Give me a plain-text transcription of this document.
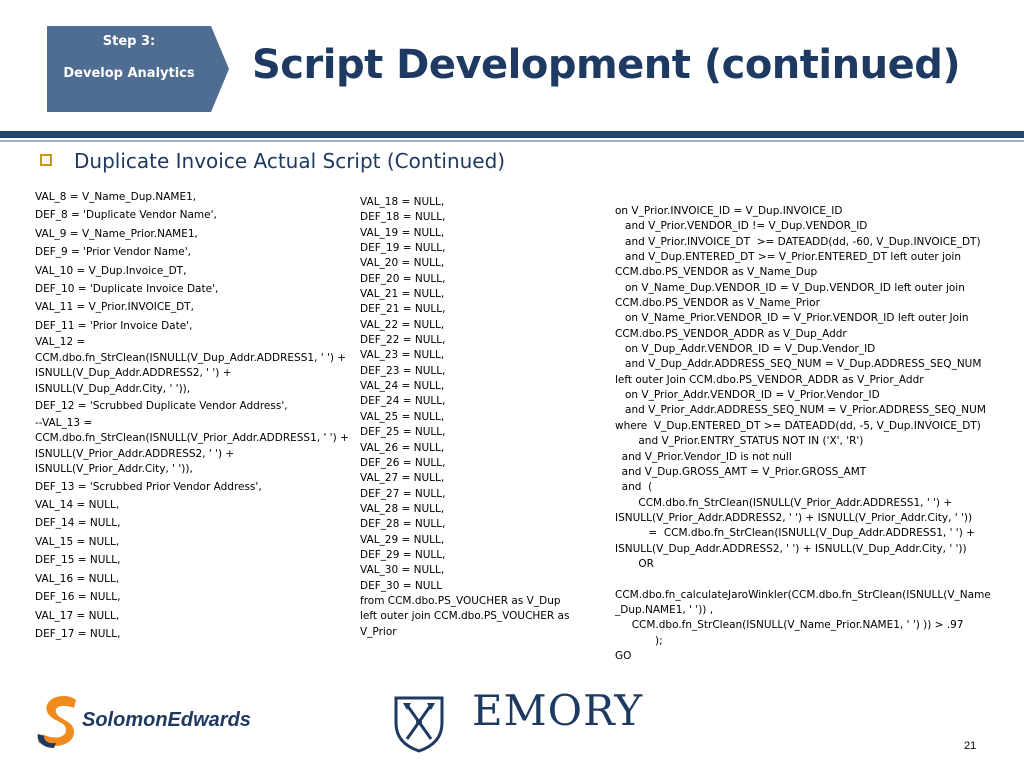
Step 3:
Develop Analytics	Script Development (continued)
Duplicate Invoice Actual Script (Continued)
VAL_8 = V_Name_Dup.NAME1,
DEF_8 = 'Duplicate Vendor Name',
VAL_9 = V_Name_Prior.NAME1,
DEF_9 = 'Prior Vendor Name',
VAL_10 = V_Dup.Invoice_DT,
DEF_10 = 'Duplicate Invoice Date',
VAL_11 = V_Prior.INVOICE_DT,
DEF_11 = 'Prior Invoice Date',
VAL_12 =
CCM.dbo.fn_StrClean(ISNULL(V_Dup_Addr.ADDRESS1, ' ') +
ISNULL(V_Dup_Addr.ADDRESS2, ' ') +
ISNULL(V_Dup_Addr.City, ' ')),
DEF_12 = 'Scrubbed Duplicate Vendor Address',
--VAL_13 =
CCM.dbo.fn_StrClean(ISNULL(V_Prior_Addr.ADDRESS1, ' ') +
ISNULL(V_Prior_Addr.ADDRESS2, ' ') +
ISNULL(V_Prior_Addr.City, ' ')),
DEF_13 = 'Scrubbed Prior Vendor Address',
VAL_14 = NULL,
DEF_14 = NULL,
VAL_15 = NULL,
DEF_15 = NULL,
VAL_16 = NULL,
DEF_16 = NULL,
VAL_17 = NULL,
DEF_17 = NULL,
VAL_18 = NULL,
DEF_18 = NULL,
VAL_19 = NULL,
DEF_19 = NULL,
VAL_20 = NULL,
DEF_20 = NULL,
VAL_21 = NULL,
DEF_21 = NULL,
VAL_22 = NULL,
DEF_22 = NULL,
VAL_23 = NULL,
DEF_23 = NULL,
VAL_24 = NULL,
DEF_24 = NULL,
VAL_25 = NULL,
DEF_25 = NULL,
VAL_26 = NULL,
DEF_26 = NULL,
VAL_27 = NULL,
DEF_27 = NULL,
VAL_28 = NULL,
DEF_28 = NULL,
VAL_29 = NULL,
DEF_29 = NULL,
VAL_30 = NULL,
DEF_30 = NULL
from CCM.dbo.PS_VOUCHER as V_Dup
left outer join CCM.dbo.PS_VOUCHER as
V_Prior
on V_Prior.INVOICE_ID = V_Dup.INVOICE_ID
and V_Prior.VENDOR_ID != V_Dup.VENDOR_ID
and V_Prior.INVOICE_DT  >= DATEADD(dd, -60, V_Dup.INVOICE_DT)
and V_Dup.ENTERED_DT >= V_Prior.ENTERED_DT left outer join
CCM.dbo.PS_VENDOR as V_Name_Dup
on V_Name_Dup.VENDOR_ID = V_Dup.VENDOR_ID left outer join
CCM.dbo.PS_VENDOR as V_Name_Prior
on V_Name_Prior.VENDOR_ID = V_Prior.VENDOR_ID left outer Join
CCM.dbo.PS_VENDOR_ADDR as V_Dup_Addr
on V_Dup_Addr.VENDOR_ID = V_Dup.Vendor_ID
and V_Dup_Addr.ADDRESS_SEQ_NUM = V_Dup.ADDRESS_SEQ_NUM
left outer Join CCM.dbo.PS_VENDOR_ADDR as V_Prior_Addr
on V_Prior_Addr.VENDOR_ID = V_Prior.Vendor_ID
and V_Prior_Addr.ADDRESS_SEQ_NUM = V_Prior.ADDRESS_SEQ_NUM
where  V_Dup.ENTERED_DT >= DATEADD(dd, -5, V_Dup.INVOICE_DT)
and V_Prior.ENTRY_STATUS NOT IN ('X', 'R')
and V_Prior.Vendor_ID is not null
and V_Dup.GROSS_AMT = V_Prior.GROSS_AMT
and  (
CCM.dbo.fn_StrClean(ISNULL(V_Prior_Addr.ADDRESS1, ' ') +
ISNULL(V_Prior_Addr.ADDRESS2, ' ') + ISNULL(V_Prior_Addr.City, ' '))
=  CCM.dbo.fn_StrClean(ISNULL(V_Dup_Addr.ADDRESS1, ' ') +
ISNULL(V_Dup_Addr.ADDRESS2, ' ') + ISNULL(V_Dup_Addr.City, ' '))
OR

CCM.dbo.fn_calculateJaroWinkler(CCM.dbo.fn_StrClean(ISNULL(V_Name
_Dup.NAME1, ' ')) ,
CCM.dbo.fn_StrClean(ISNULL(V_Name_Prior.NAME1, ' ') )) > .97
);
GO
SolomonEdwards	EMORY
21
